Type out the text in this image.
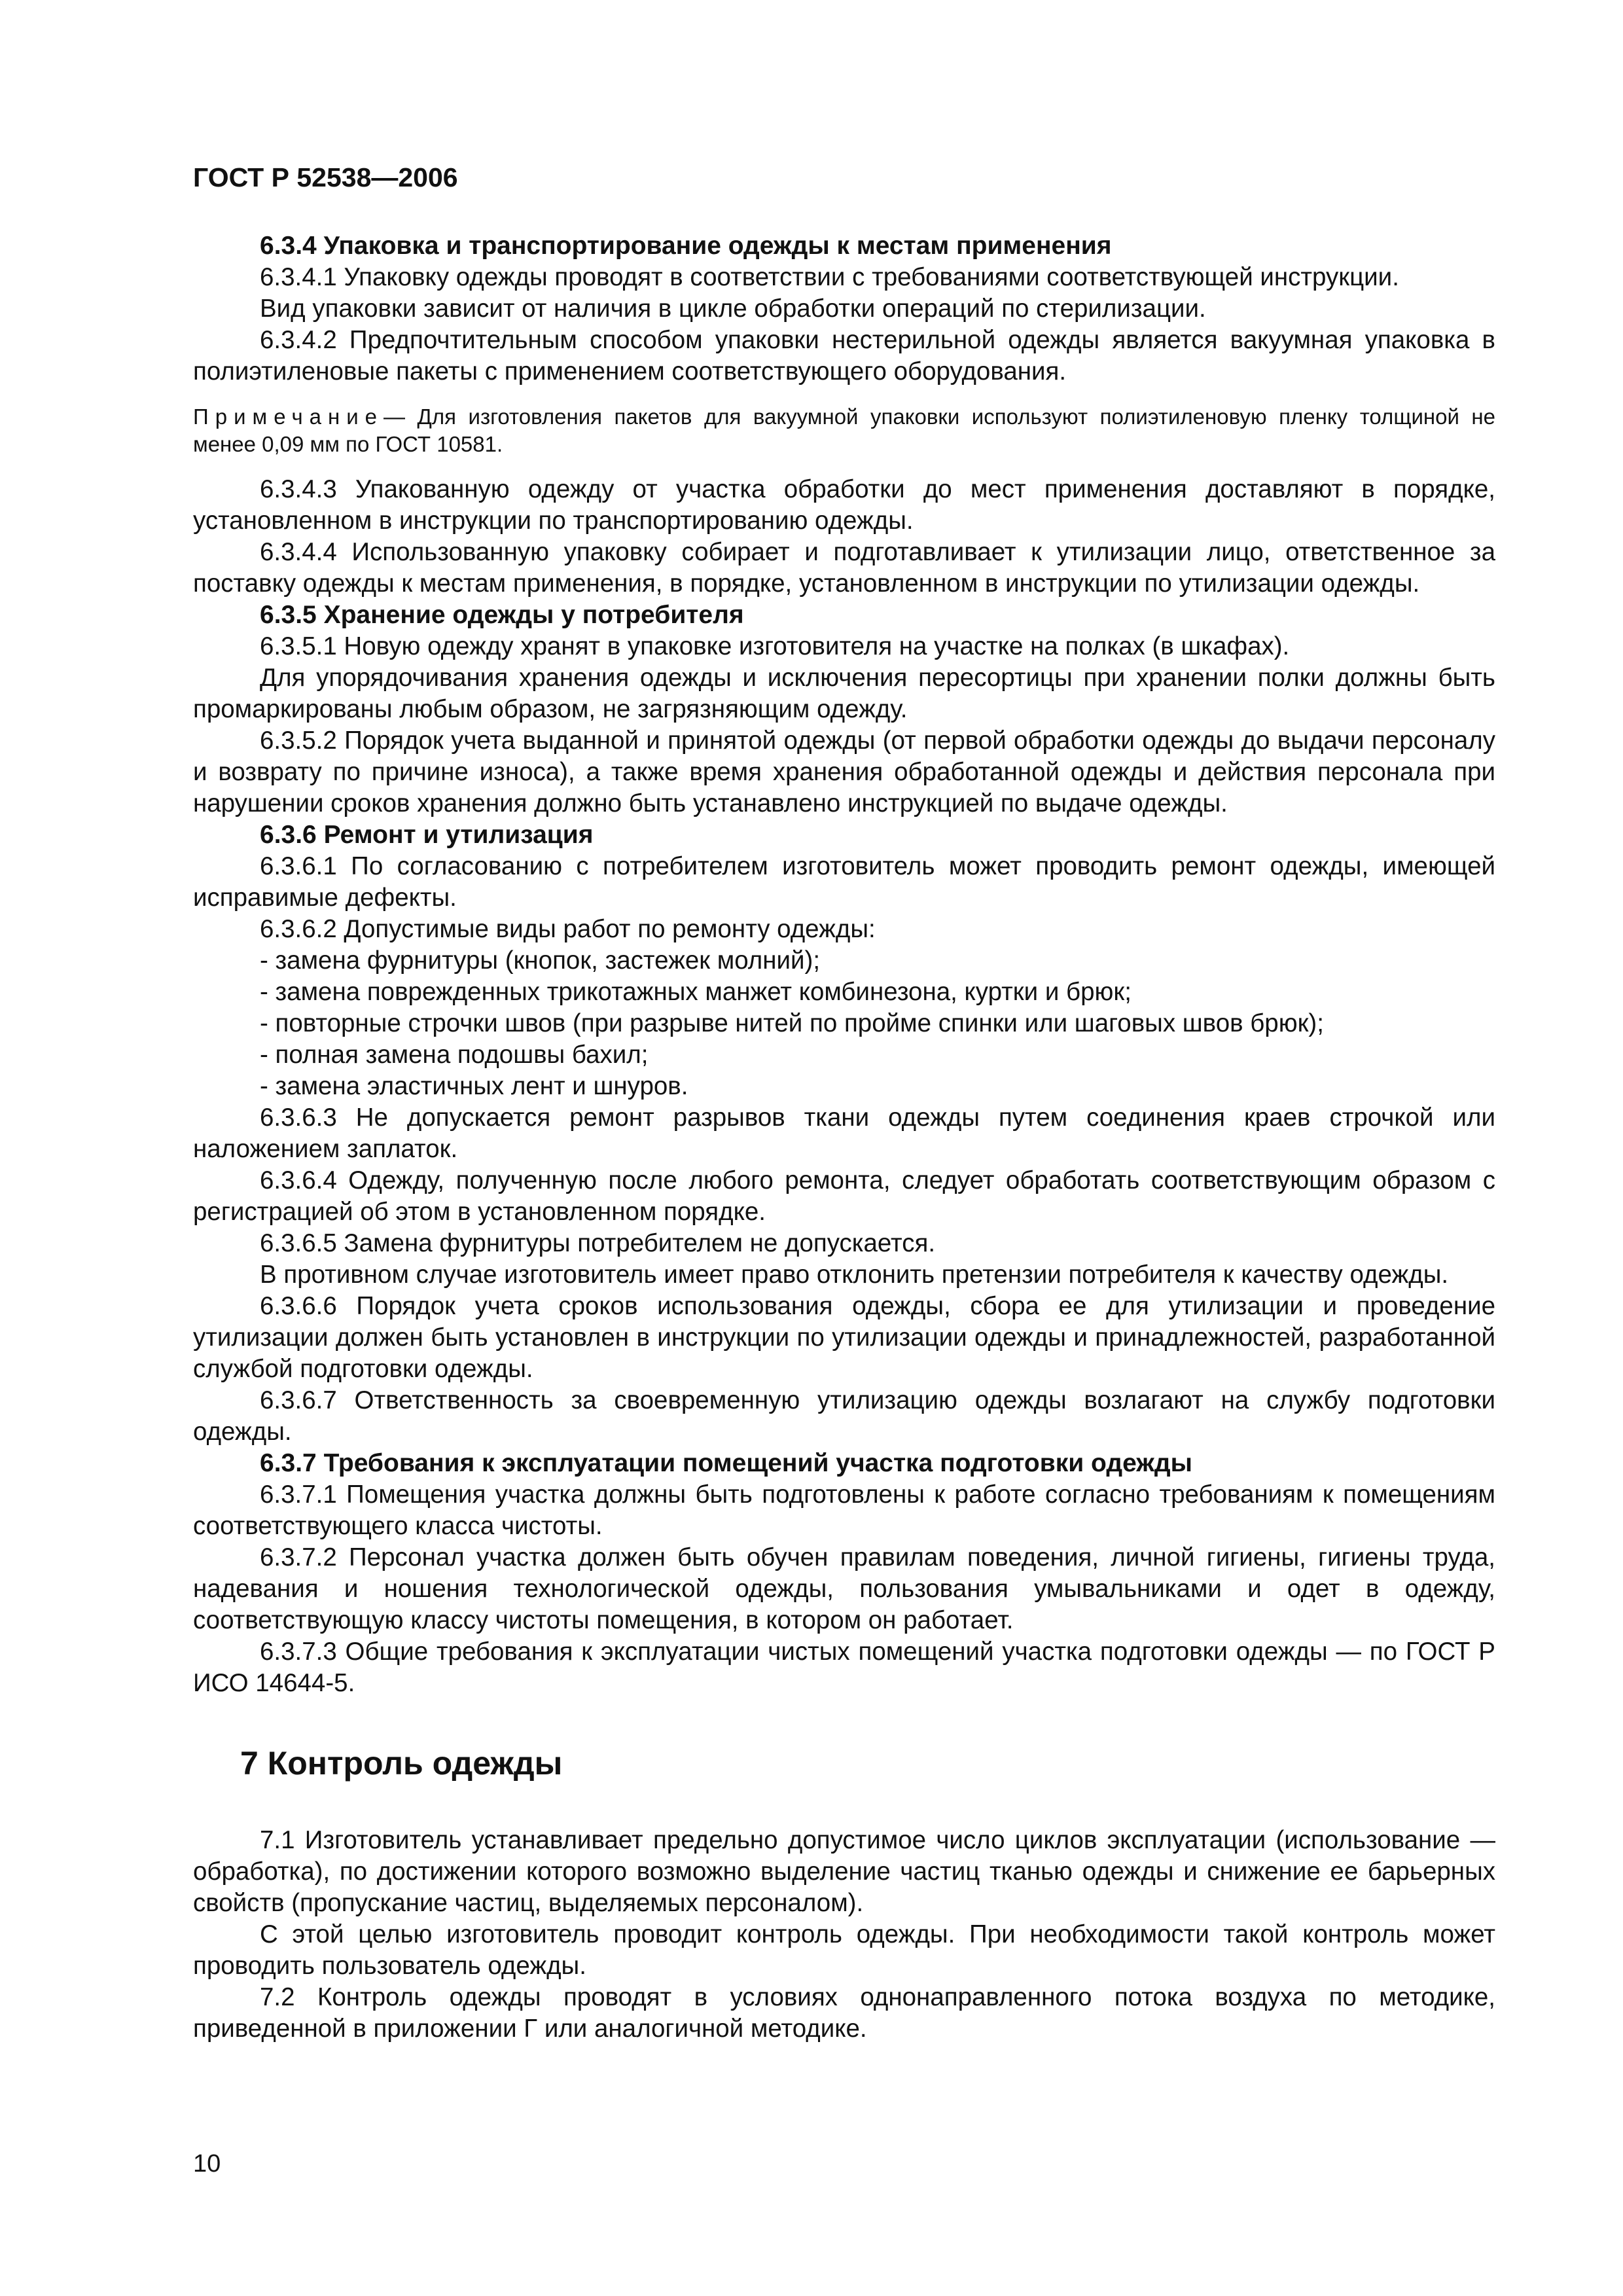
ГОСТ Р 52538—2006

6.3.4 Упаковка и транспортирование одежды к местам применения

6.3.4.1 Упаковку одежды проводят в соответствии с требованиями соответствующей инструкции.

Вид упаковки зависит от наличия в цикле обработки операций по стерилизации.

6.3.4.2 Предпочтительным способом упаковки нестерильной одежды является вакуумная упаковка в полиэтиленовые пакеты с применением соответствующего оборудования.

Примечание— Для изготовления пакетов для вакуумной упаковки используют полиэтиленовую пленку толщиной не менее 0,09 мм по ГОСТ 10581.

6.3.4.3 Упакованную одежду от участка обработки до мест применения доставляют в порядке, установленном в инструкции по транспортированию одежды.

6.3.4.4 Использованную упаковку собирает и подготавливает к утилизации лицо, ответственное за поставку одежды к местам применения, в порядке, установленном в инструкции по утилизации одежды.

6.3.5 Хранение одежды у потребителя

6.3.5.1 Новую одежду хранят в упаковке изготовителя на участке на полках (в шкафах).

Для упорядочивания хранения одежды и исключения пересортицы при хранении полки должны быть промаркированы любым образом, не загрязняющим одежду.

6.3.5.2 Порядок учета выданной и принятой одежды (от первой обработки одежды до выдачи персоналу и возврату по причине износа), а также время хранения обработанной одежды и действия персонала при нарушении сроков хранения должно быть устанавлено инструкцией по выдаче одежды.

6.3.6 Ремонт и утилизация

6.3.6.1 По согласованию с потребителем изготовитель может проводить ремонт одежды, имеющей исправимые дефекты.

6.3.6.2 Допустимые виды работ по ремонту одежды:

- замена фурнитуры (кнопок, застежек молний);
- замена поврежденных трикотажных манжет комбинезона, куртки и брюк;
- повторные строчки швов (при разрыве нитей по пройме спинки или шаговых швов брюк);
- полная замена подошвы бахил;
- замена эластичных лент и шнуров.

6.3.6.3 Не допускается ремонт разрывов ткани одежды путем соединения краев строчкой или наложением заплаток.

6.3.6.4 Одежду, полученную после любого ремонта, следует обработать соответствующим образом с регистрацией об этом в установленном порядке.

6.3.6.5 Замена фурнитуры потребителем не допускается.

В противном случае изготовитель имеет право отклонить претензии потребителя к качеству одежды.

6.3.6.6 Порядок учета сроков использования одежды, сбора ее для утилизации и проведение утилизации должен быть установлен в инструкции по утилизации одежды и принадлежностей, разработанной службой подготовки одежды.

6.3.6.7 Ответственность за своевременную утилизацию одежды возлагают на службу подготовки одежды.

6.3.7 Требования к эксплуатации помещений участка подготовки одежды

6.3.7.1 Помещения участка должны быть подготовлены к работе согласно требованиям к помещениям соответствующего класса чистоты.

6.3.7.2 Персонал участка должен быть обучен правилам поведения, личной гигиены, гигиены труда, надевания и ношения технологической одежды, пользования умывальниками и одет в одежду, соответствующую классу чистоты помещения, в котором он работает.

6.3.7.3 Общие требования к эксплуатации чистых помещений участка подготовки одежды — по ГОСТ Р ИСО 14644-5.

7 Контроль одежды

7.1 Изготовитель устанавливает предельно допустимое число циклов эксплуатации (использование — обработка), по достижении которого возможно выделение частиц тканью одежды и снижение ее барьерных свойств (пропускание частиц, выделяемых персоналом).

С этой целью изготовитель проводит контроль одежды. При необходимости такой контроль может проводить пользователь одежды.

7.2 Контроль одежды проводят в условиях однонаправленного потока воздуха по методике, приведенной в приложении Г или аналогичной методике.

10
